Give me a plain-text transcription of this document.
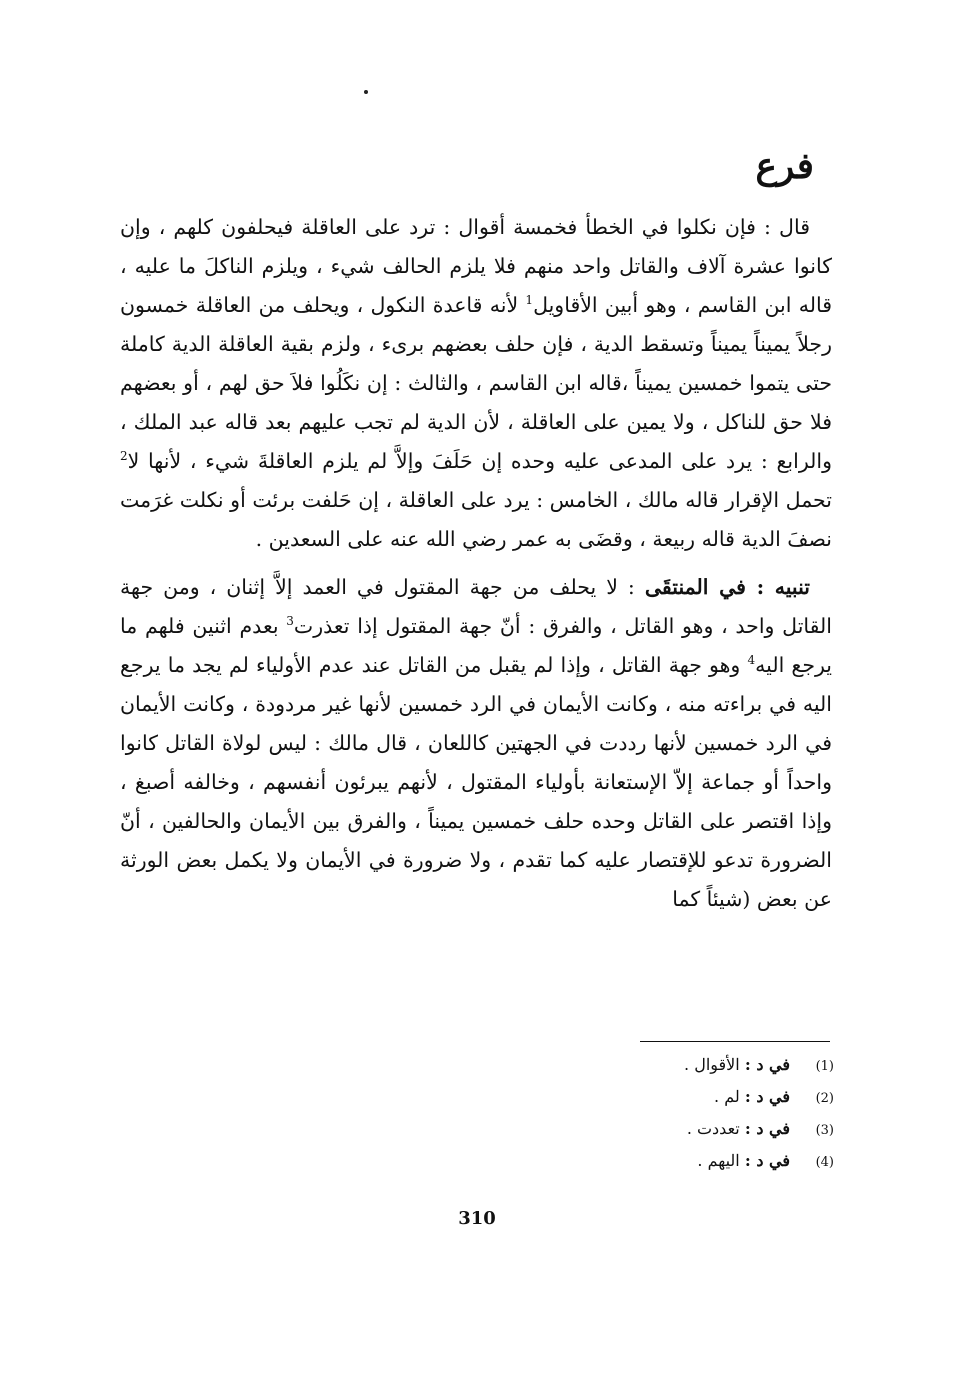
فرع

قال : فإن نكلوا في الخطأ فخمسة أقوال : ترد على العاقلة فيحلفون كلهم ، وإن كانوا عشرة آلاف والقاتل واحد منهم فلا يلزم الحالف شيء ، ويلزم الناكلَ ما عليه ، قاله ابن القاسم ، وهو أبين الأقاويل$^1$ لأنه قاعدة النكول ، ويحلف من العاقلة خمسون رجلاً يميناً يميناً وتسقط الدية ، فإن حلف بعضهم برىء ، ولزم بقية العاقلة الدية كاملة حتى يتموا خمسين يميناً ،قاله ابن القاسم ، والثالث : إن نكَلُوا فلاَ حق لهم ، أو بعضهم فلا حق للناكل ، ولا يمين على العاقلة ، لأن الدية لم تجب عليهم بعد قاله عبد الملك ، والرابع : يرد على المدعى عليه وحده إن حَلَفَ وإلاَّ لم يلزم العاقلةَ شيء ، لأنها لا$^2$ تحمل الإقرار قاله مالك ، الخامس : يرد على العاقلة ، إن حَلفت برئت أو نكلت غرَمت نصفَ الدية قاله ربيعة ، وقضَى به عمر رضي الله عنه على السعدين .

تنبيه : في المنتقَى : لا يحلف من جهة المقتول في العمد إلاَّ إثنان ، ومن جهة القاتل واحد ، وهو القاتل ، والفرق : أنّ جهة المقتول إذا تعذرت$^3$ بعدم اثنين فلهم ما يرجع اليه$^4$ وهو جهة القاتل ، وإذا لم يقبل من القاتل عند عدم الأولياء لم يجد ما يرجع اليه في براءته منه ، وكانت الأيمان في الرد خمسين لأنها غير مردودة ، وكانت الأيمان في الرد خمسين لأنها رددت في الجهتين كاللعان ، قال مالك : ليس لولاة القاتل كانوا واحداً أو جماعة إلاّ الإستعانة بأولياء المقتول ، لأنهم يبرئون أنفسهم ، وخالفه أصبغ ، وإذا اقتصر على القاتل وحده حلف خمسين يميناً ، والفرق بين الأيمان والحالفين ، أنّ الضرورة تدعو للإقتصار عليه كما تقدم ، ولا ضرورة في الأيمان ولا يكمل بعض الورثة عن بعض (شيئاً كما

(1)
في د :

الأقوال .
(2)
في د :

لم .
(3)
في د :

تعددت .
(4)
في د :

اليهم .
310
